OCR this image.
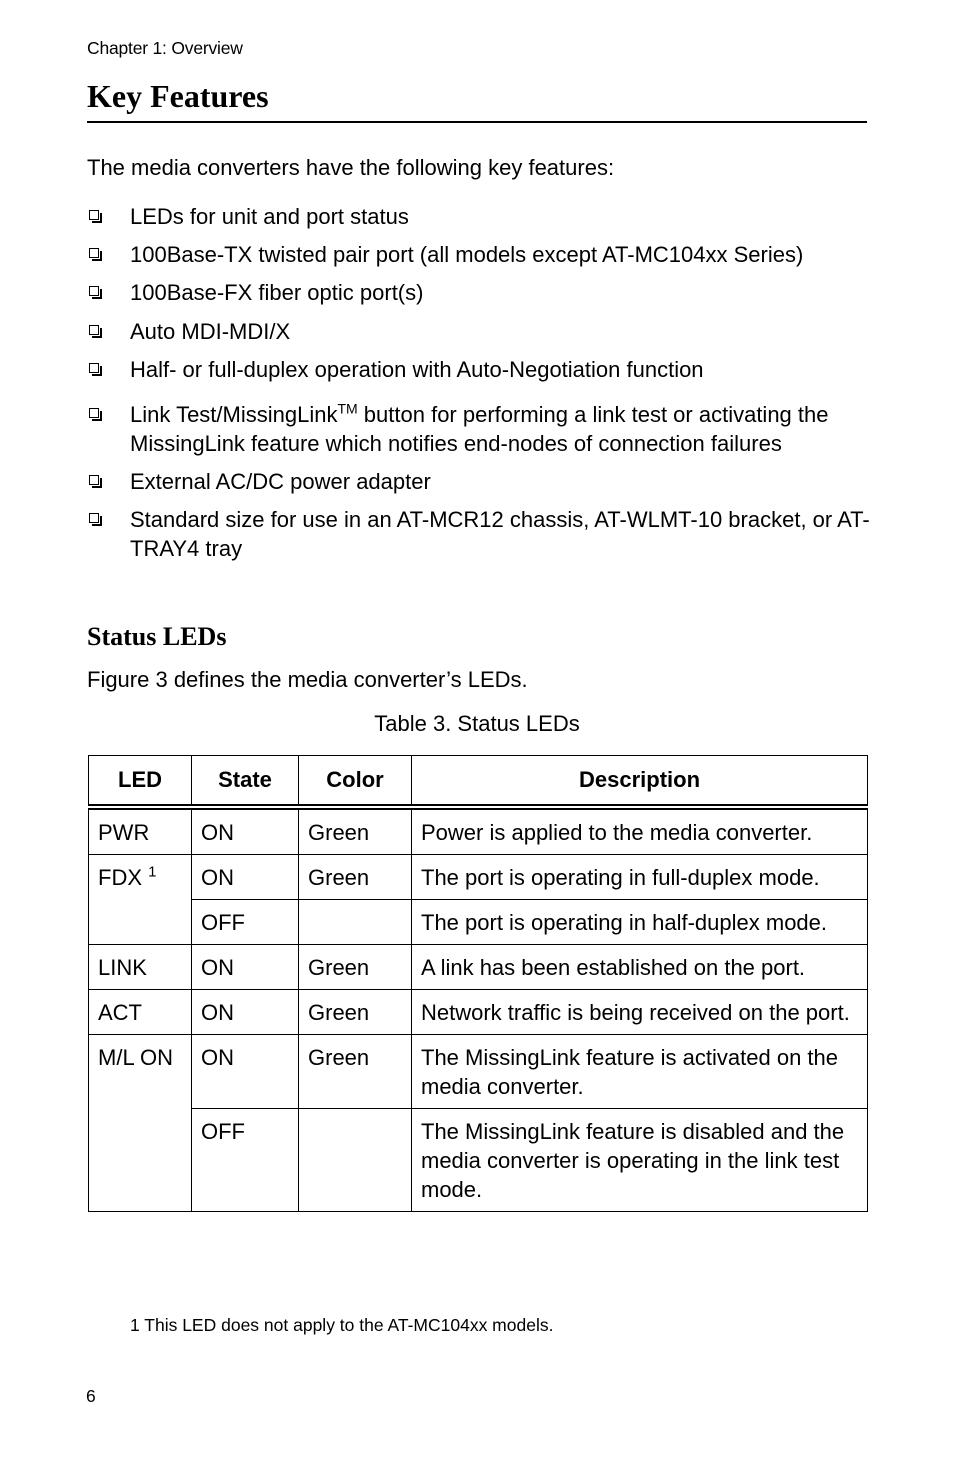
Chapter 1: Overview
Key Features
The media converters have the following key features:
LEDs for unit and port status
100Base-TX twisted pair port (all models except AT-MC104xx Series)
100Base-FX fiber optic port(s)
Auto MDI-MDI/X
Half- or full-duplex operation with Auto-Negotiation function
Link Test/MissingLink™ button for performing a link test or activating the MissingLink feature which notifies end-nodes of connection failures
External AC/DC power adapter
Standard size for use in an AT-MCR12 chassis, AT-WLMT-10 bracket, or AT-TRAY4 tray
Status LEDs
Figure 3 defines the media converter’s LEDs.
Table 3. Status LEDs
LED	State	Color	Description
PWR	ON	Green	Power is applied to the media converter.
FDX $^1$	ON	Green	The port is operating in full-duplex mode.
	OFF		The port is operating in half-duplex mode.
LINK	ON	Green	A link has been established on the port.
ACT	ON	Green	Network traffic is being received on the port.
M/L ON	ON	Green	The MissingLink feature is activated on the media converter.
	OFF		The MissingLink feature is disabled and the media converter is operating in the link test mode.
1 This LED does not apply to the AT-MC104xx models.
6
